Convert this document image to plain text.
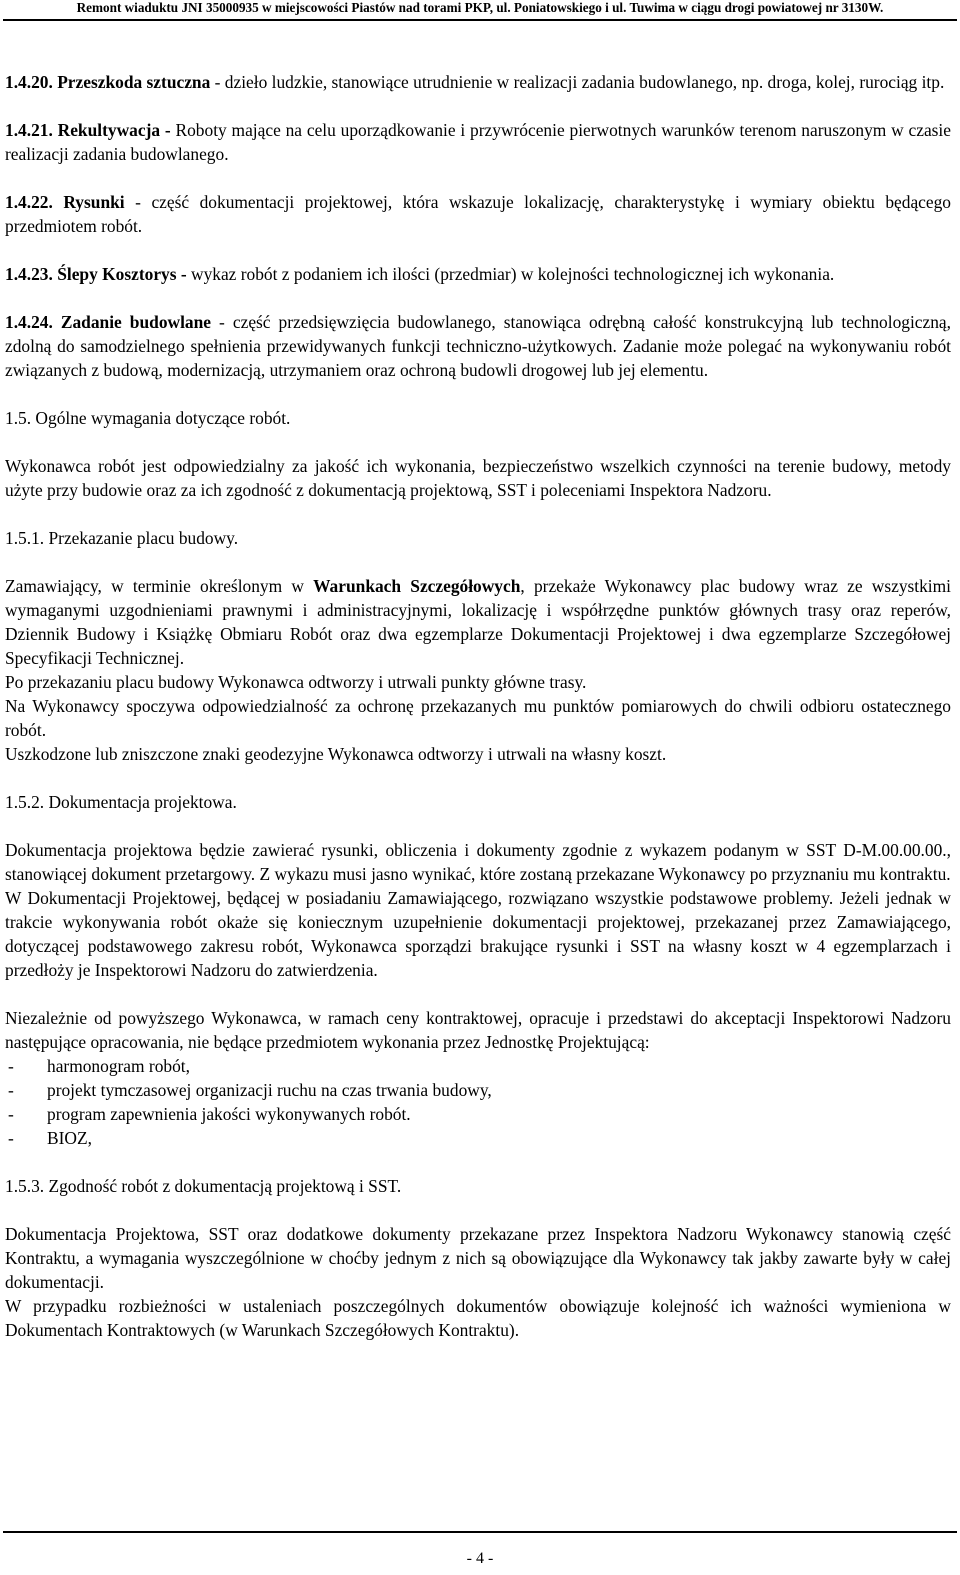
Remont wiaduktu JNI 35000935 w miejscowości Piastów nad torami PKP, ul. Poniatowskiego i ul. Tuwima w ciągu drogi powiatowej nr 3130W.

1.4.20. Przeszkoda sztuczna - dzieło ludzkie, stanowiące utrudnienie w realizacji zadania budowlanego, np. droga, kolej, rurociąg itp.

1.4.21. Rekultywacja - Roboty mające na celu uporządkowanie i przywrócenie pierwotnych warunków terenom naruszonym w czasie realizacji zadania budowlanego.

1.4.22. Rysunki - część dokumentacji projektowej, która wskazuje lokalizację, charakterystykę i wymiary obiektu będącego przedmiotem robót.

1.4.23. Ślepy Kosztorys - wykaz robót z podaniem ich ilości (przedmiar) w kolejności technologicznej ich wykonania.

1.4.24. Zadanie budowlane - część przedsięwzięcia budowlanego, stanowiąca odrębną całość konstrukcyjną lub technologiczną, zdolną do samodzielnego spełnienia przewidywanych funkcji techniczno-użytkowych. Zadanie może polegać na wykonywaniu robót związanych z budową, modernizacją, utrzymaniem oraz ochroną budowli drogowej lub jej elementu.

1.5. Ogólne wymagania dotyczące robót.

Wykonawca robót jest odpowiedzialny za jakość ich wykonania, bezpieczeństwo wszelkich czynności na terenie budowy, metody użyte przy budowie oraz za ich zgodność z dokumentacją projektową, SST i poleceniami Inspektora Nadzoru.

1.5.1. Przekazanie placu budowy.

Zamawiający, w terminie określonym w Warunkach Szczegółowych, przekaże Wykonawcy plac budowy wraz ze wszystkimi wymaganymi uzgodnieniami prawnymi i administracyjnymi, lokalizację i współrzędne punktów głównych trasy oraz reperów, Dziennik Budowy i Książkę Obmiaru Robót oraz dwa egzemplarze Dokumentacji Projektowej i dwa egzemplarze Szczegółowej Specyfikacji Technicznej.

Po przekazaniu placu budowy Wykonawca odtworzy i utrwali punkty główne trasy.

Na Wykonawcy spoczywa odpowiedzialność za ochronę przekazanych mu punktów pomiarowych do chwili odbioru ostatecznego robót.

Uszkodzone lub zniszczone znaki geodezyjne Wykonawca odtworzy i utrwali na własny koszt.

1.5.2. Dokumentacja projektowa.

Dokumentacja projektowa będzie zawierać rysunki, obliczenia i dokumenty zgodnie z wykazem podanym w SST D-M.00.00.00., stanowiącej dokument przetargowy. Z wykazu musi jasno wynikać, które zostaną przekazane Wykonawcy po przyznaniu mu kontraktu.

W Dokumentacji Projektowej, będącej w posiadaniu Zamawiającego, rozwiązano wszystkie podstawowe problemy. Jeżeli jednak w trakcie wykonywania robót okaże się koniecznym uzupełnienie dokumentacji projektowej, przekazanej przez Zamawiającego, dotyczącej podstawowego zakresu robót, Wykonawca sporządzi brakujące rysunki i SST na własny koszt w 4 egzemplarzach i przedłoży je Inspektorowi Nadzoru do zatwierdzenia.

Niezależnie od powyższego Wykonawca, w ramach ceny kontraktowej, opracuje i przedstawi do akceptacji Inspektorowi Nadzoru następujące opracowania, nie będące przedmiotem wykonania przez Jednostkę Projektującą:

- harmonogram robót,
- projekt tymczasowej organizacji ruchu na czas trwania budowy,
- program zapewnienia jakości wykonywanych robót.
- BIOZ,

1.5.3. Zgodność robót z dokumentacją projektową i SST.

Dokumentacja Projektowa, SST oraz dodatkowe dokumenty przekazane przez Inspektora Nadzoru Wykonawcy stanowią część Kontraktu, a wymagania wyszczególnione w choćby jednym z nich są obowiązujące dla Wykonawcy tak jakby zawarte były w całej dokumentacji.

W przypadku rozbieżności w ustaleniach poszczególnych dokumentów obowiązuje kolejność ich ważności wymieniona w Dokumentach Kontraktowych (w Warunkach Szczegółowych Kontraktu).

- 4 -
